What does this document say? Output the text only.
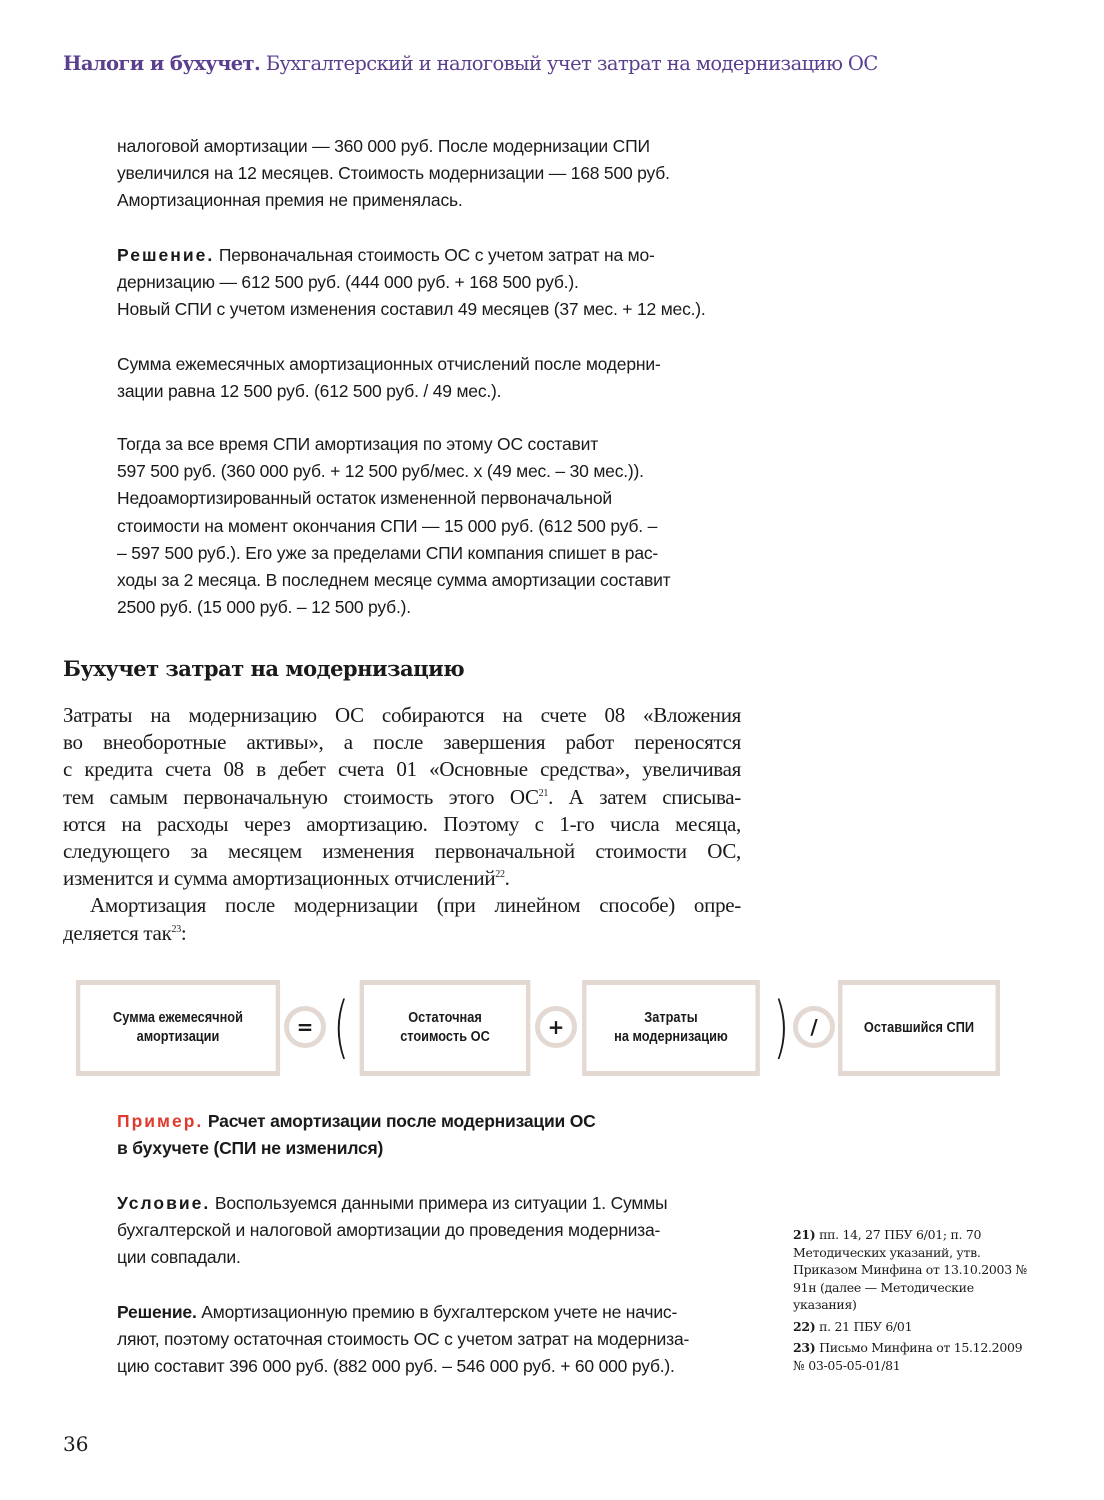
Налоги и бухучет. Бухгалтерский и налоговый учет затрат на модернизацию ОС

налоговой амортизации — 360 000 руб. После модернизации СПИ

увеличился на 12 месяцев. Стоимость модернизации — 168 500 руб.

Амортизационная премия не применялась.

Решение. Первоначальная стоимость ОС с учетом затрат на мо-

дернизацию — 612 500 руб. (444 000 руб. + 168 500 руб.).

Новый СПИ с учетом изменения составил 49 месяцев (37 мес. + 12 мес.).

Сумма ежемесячных амортизационных отчислений после модерни-

зации равна 12 500 руб. (612 500 руб. / 49 мес.).

Тогда за все время СПИ амортизация по этому ОС составит

597 500 руб. (360 000 руб. + 12 500 руб/мес. х (49 мес. – 30 мес.)).

Недоамортизированный остаток измененной первоначальной

стоимости на момент окончания СПИ — 15 000 руб. (612 500 руб. –

– 597 500 руб.). Его уже за пределами СПИ компания спишет в рас-

ходы за 2 месяца. В последнем месяце сумма амортизации составит

2500 руб. (15 000 руб. – 12 500 руб.).

Бухучет затрат на модернизацию
Затраты на модернизацию ОС собираются на счете 08 «Вложения
во внеоборотные активы», а после завершения работ переносятся
с кредита счета 08 в дебет счета 01 «Основные средства», увеличивая
тем самым первоначальную стоимость этого ОС$^{21}$. А затем списыва-
ются на расходы через амортизацию. Поэтому с 1-го числа месяца,
следующего за месяцем изменения первоначальной стоимости ОС,
изменится и сумма амортизационных отчислений$^{22}$.
Амортизация после модернизации (при линейном способе) опре-
деляется так$^{23}$:
Сумма ежемесячной
амортизации	= (	Остаточная
стоимость ОС	+	Затраты
на модернизацию )	/	Оставшийся СПИ

Пример. Расчет амортизации после модернизации ОС

в бухучете (СПИ не изменился)

Условие. Воспользуемся данными примера из ситуации 1. Суммы

бухгалтерской и налоговой амортизации до проведения модерниза-

ции совпадали.

Решение. Амортизационную премию в бухгалтерском учете не начис-

ляют, поэтому остаточная стоимость ОС с учетом затрат на модерниза-

цию составит 396 000 руб. (882 000 руб. – 546 000 руб. + 60 000 руб.).

21) пп. 14, 27 ПБУ 6/01; п. 70 Методических указаний, утв. Приказом Минфина от 13.10.2003 № 91н (далее — Методические указания)
22) п. 21 ПБУ 6/01
23) Письмо Минфина от 15.12.2009 № 03-05-05-01/81
36
